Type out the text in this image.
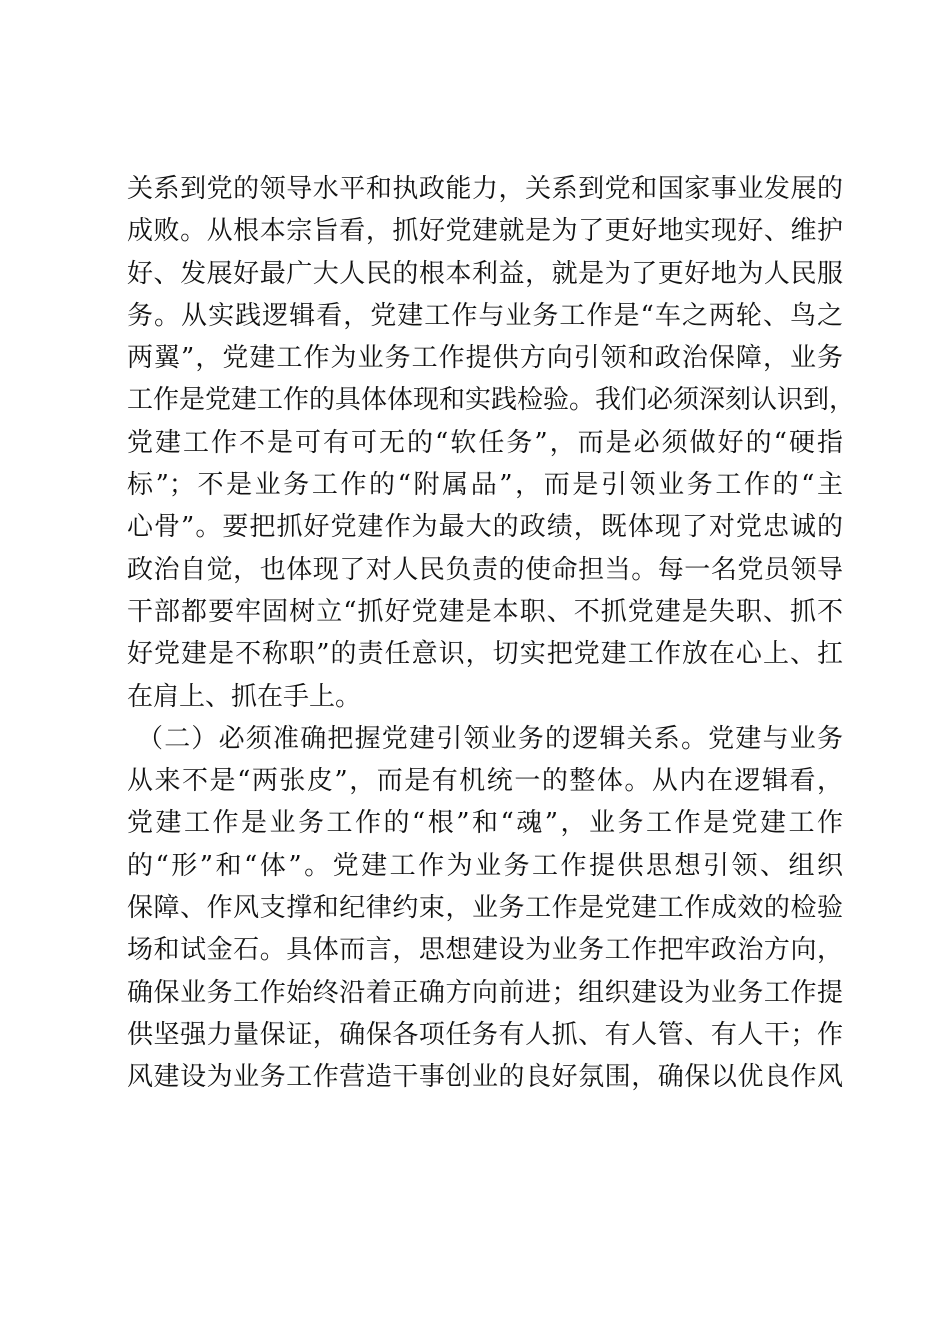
关系到党的领导水平和执政能力，关系到党和国家事业发展的
成败。从根本宗旨看，抓好党建就是为了更好地实现好、维护
好、发展好最广大人民的根本利益，就是为了更好地为人民服
务。从实践逻辑看，党建工作与业务工作是“车之两轮、鸟之
两翼”，党建工作为业务工作提供方向引领和政治保障，业务
工作是党建工作的具体体现和实践检验。我们必须深刻认识到，
党建工作不是可有可无的“软任务”，而是必须做好的“硬指
标”；不是业务工作的“附属品”，而是引领业务工作的“主
心骨”。要把抓好党建作为最大的政绩，既体现了对党忠诚的
政治自觉，也体现了对人民负责的使命担当。每一名党员领导
干部都要牢固树立“抓好党建是本职、不抓党建是失职、抓不
好党建是不称职”的责任意识，切实把党建工作放在心上、扛
在肩上、抓在手上。
（二）必须准确把握党建引领业务的逻辑关系。党建与业务
从来不是“两张皮”，而是有机统一的整体。从内在逻辑看，
党建工作是业务工作的“根”和“魂”，业务工作是党建工作
的“形”和“体”。党建工作为业务工作提供思想引领、组织
保障、作风支撑和纪律约束，业务工作是党建工作成效的检验
场和试金石。具体而言，思想建设为业务工作把牢政治方向，
确保业务工作始终沿着正确方向前进；组织建设为业务工作提
供坚强力量保证，确保各项任务有人抓、有人管、有人干；作
风建设为业务工作营造干事创业的良好氛围，确保以优良作风
